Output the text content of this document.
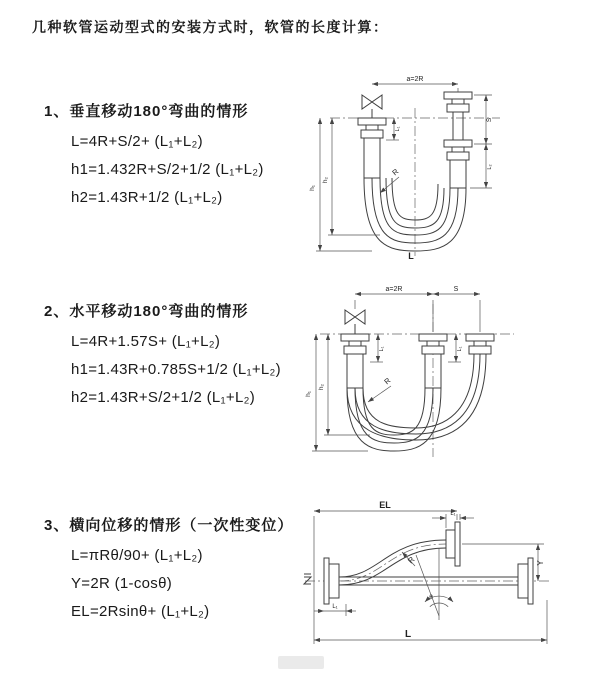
几种软管运动型式的安装方式时，软管的长度计算：
1、垂直移动180°弯曲的情形
L=4R+S/2+ (L₁+L₂)
h1=1.432R+S/2+1/2 (L₁+L₂)
h2=1.43R+1/2 (L₁+L₂)
a=2R
h₁
h₂
L₁
S
L₂
R
L
2、水平移动180°弯曲的情形
L=4R+1.57S+ (L₁+L₂)
h1=1.43R+0.785S+1/2 (L₁+L₂)
h2=1.43R+S/2+1/2 (L₁+L₂)
a=2R	S
h₁
h₂
L₁	L₁
R
3、横向位移的情形（一次性变位）
L=πRθ/90+ (L₁+L₂)
Y=2R (1-cosθ)
EL=2Rsinθ+ (L₁+L₂)
EL
L₁
Y
R
θ
L
L₁
